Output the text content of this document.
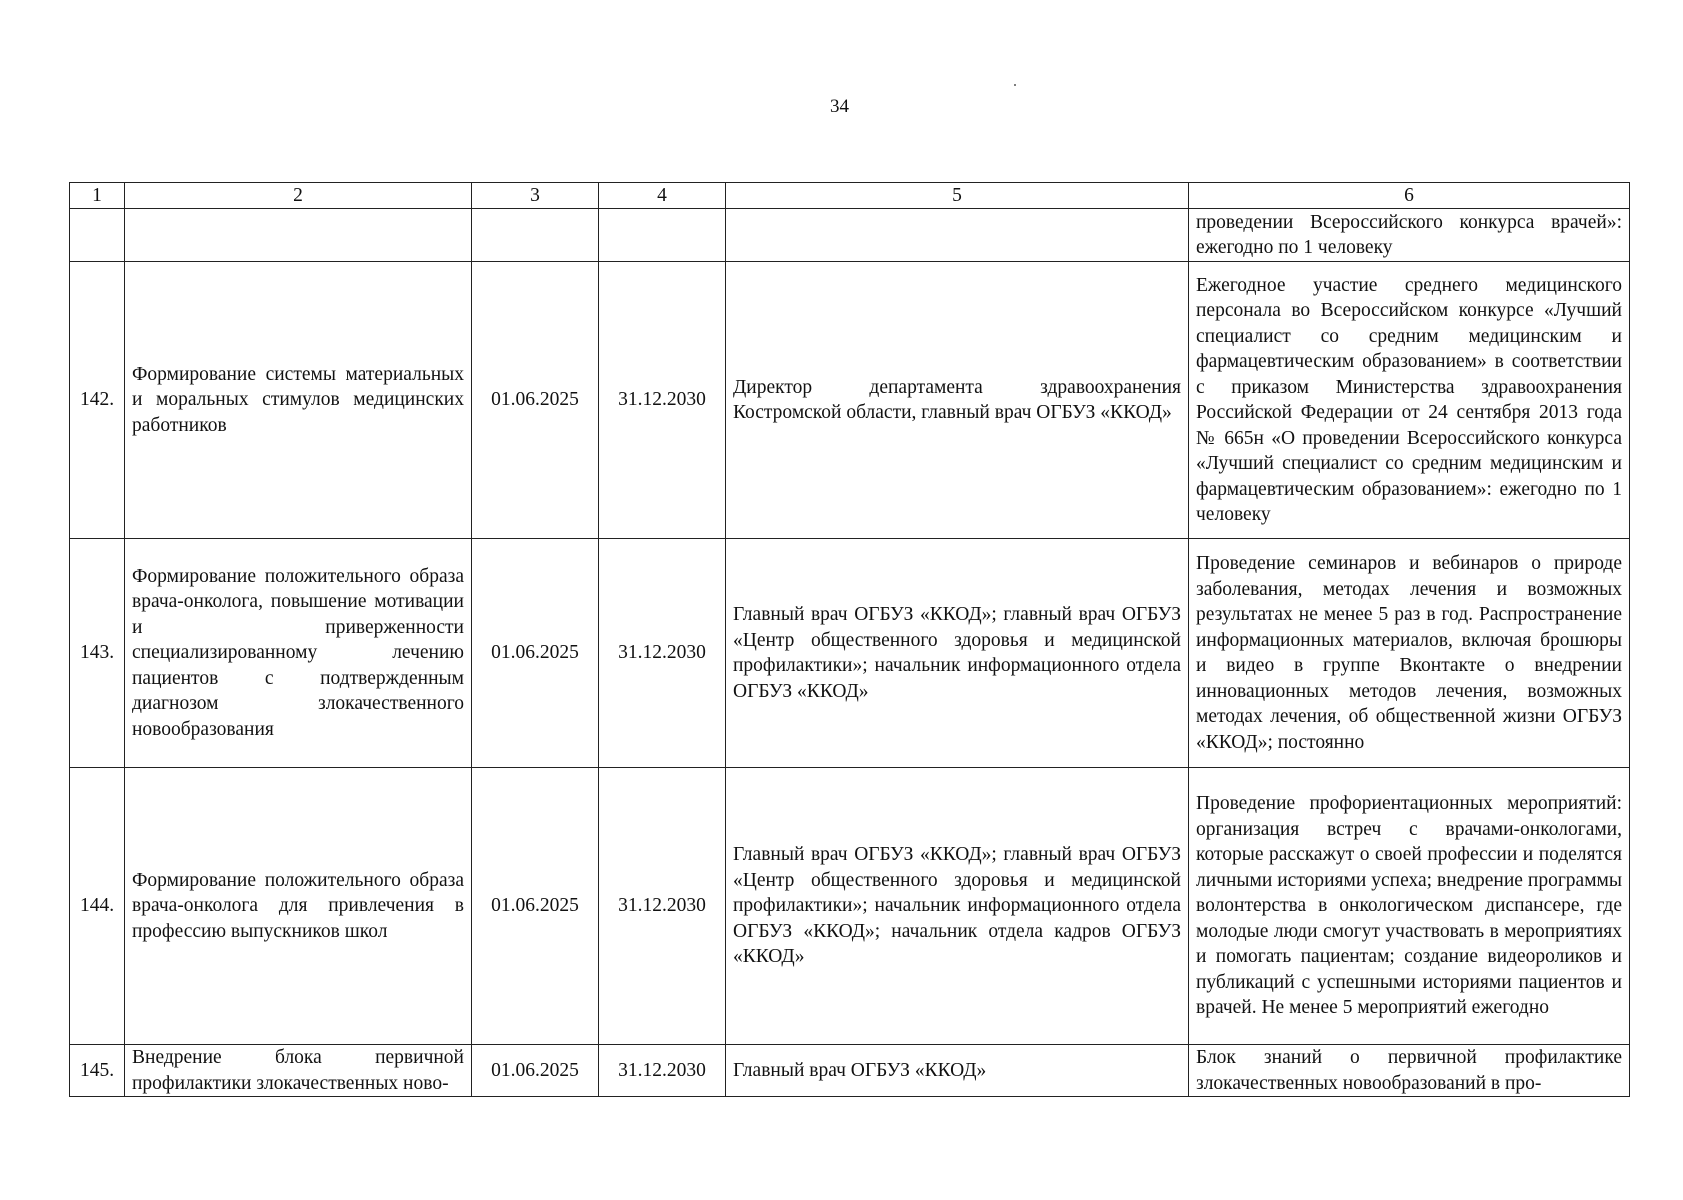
34
1	2	3	4	5	6
					проведении Всероссийского конкурса врачей»: ежегодно по 1 человеку
142.	Формирование системы материальных и моральных стимулов медицинских работников	01.06.2025	31.12.2030	Директор департамента здравоохранения Костромской области, главный врач ОГБУЗ «ККОД»	Ежегодное участие среднего медицинского персонала во Всероссийском конкурсе «Лучший специалист со средним медицинским и фармацевтическим образованием» в соответствии с приказом Министерства здравоохранения Российской Федерации от 24 сентября 2013 года № 665н «О проведении Всероссийского конкурса «Лучший специалист со средним медицинским и фармацевтическим образованием»: ежегодно по 1 человеку
143.	Формирование положительного образа врача-онколога, повышение мотивации и приверженности специализированному лечению пациентов с подтвержденным диагнозом злокачественного новообразования	01.06.2025	31.12.2030	Главный врач ОГБУЗ «ККОД»; главный врач ОГБУЗ «Центр общественного здоровья и медицинской профилактики»; начальник информационного отдела ОГБУЗ «ККОД»	Проведение семинаров и вебинаров о природе заболевания, методах лечения и возможных результатах не менее 5 раз в год. Распространение информационных материалов, включая брошюры и видео в группе Вконтакте о внедрении инновационных методов лечения, возможных методах лечения, об общественной жизни ОГБУЗ «ККОД»; постоянно
144.	Формирование положительного образа врача-онколога для привлечения в профессию выпускников школ	01.06.2025	31.12.2030	Главный врач ОГБУЗ «ККОД»; главный врач ОГБУЗ «Центр общественного здоровья и медицинской профилактики»; начальник информационного отдела ОГБУЗ «ККОД»; начальник отдела кадров ОГБУЗ «ККОД»	Проведение профориентационных мероприятий: организация встреч с врачами-онкологами, которые расскажут о своей профессии и поделятся личными историями успеха; внедрение программы волонтерства в онкологическом диспансере, где молодые люди смогут участвовать в мероприятиях и помогать пациентам; создание видеороликов и публикаций с успешными историями пациентов и врачей. Не менее 5 мероприятий ежегодно
145.	Внедрение блока первичной профилактики злокачественных ново-	01.06.2025	31.12.2030	Главный врач ОГБУЗ «ККОД»	Блок знаний о первичной профилактике злокачественных новообразований в про-
